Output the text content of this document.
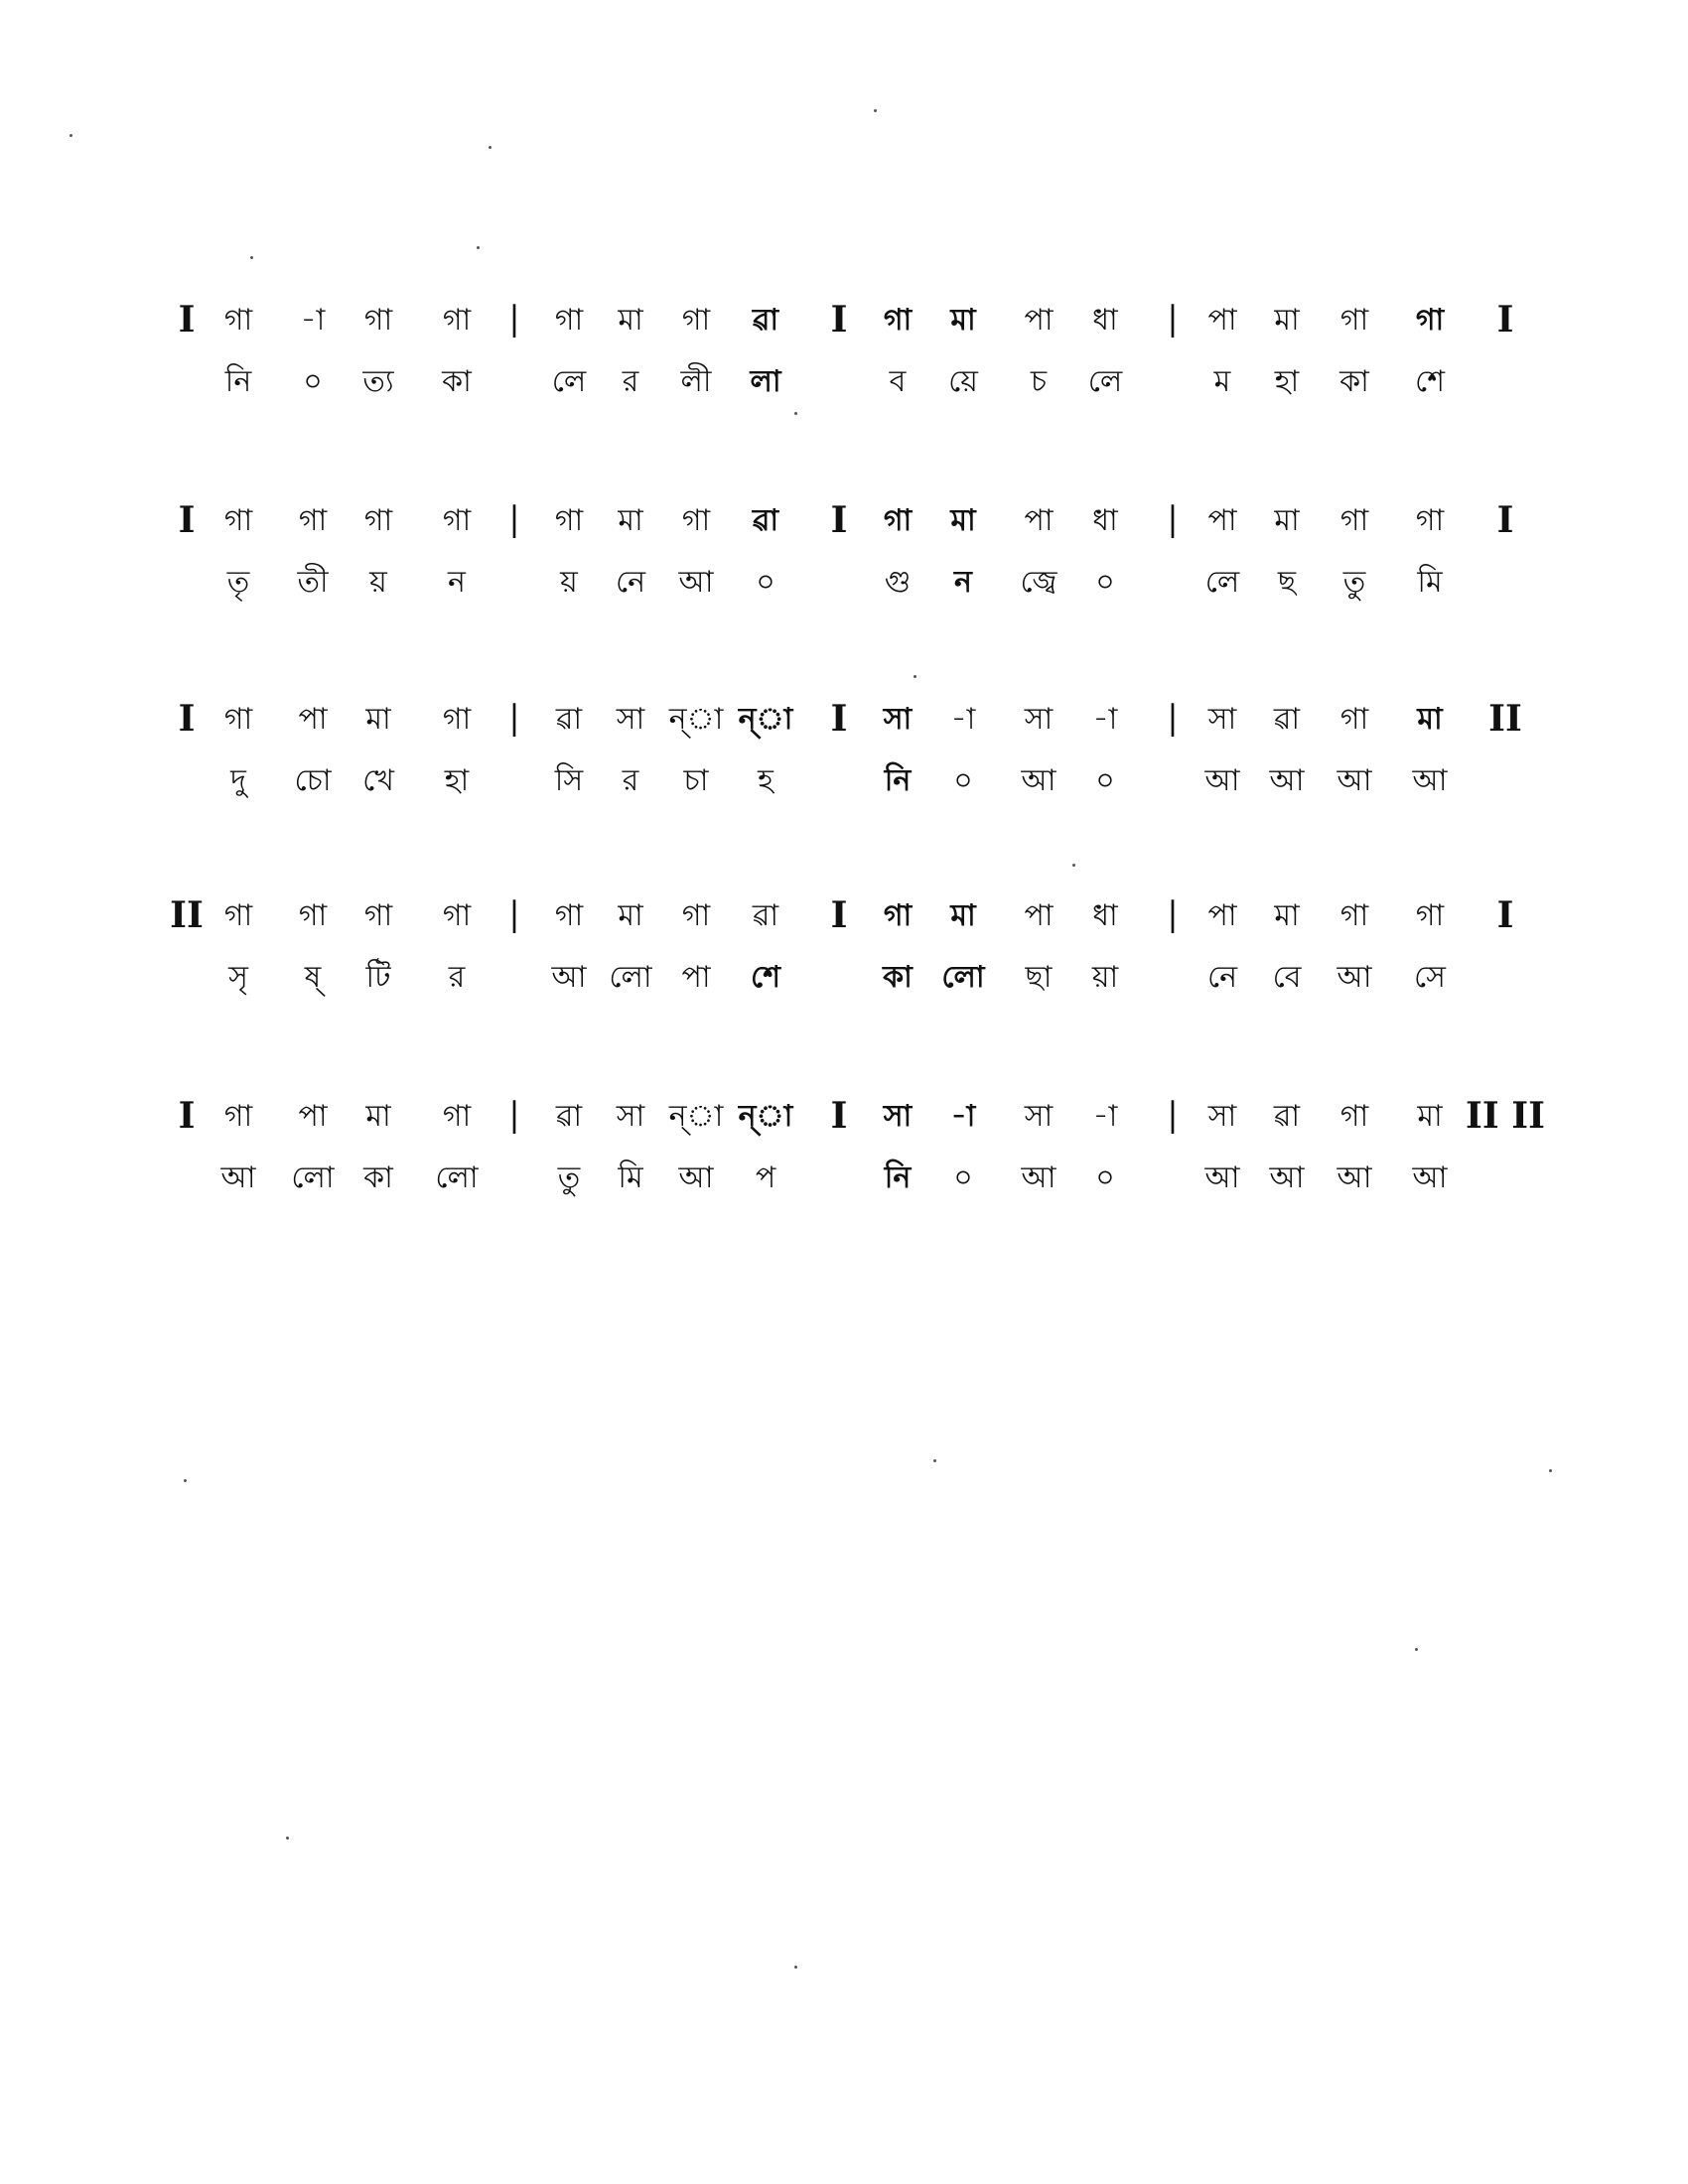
I গা -া গা গা | গা মা গা ৱা I গা মা পা ধা | পা মা গা গা I
নি ০ ত্য কা	লে র লী লা	ব য়ে চ লে	ম হা কা শে
I গা গা গা গা | গা মা গা ৱা I গা মা পা ধা | পা মা গা গা I
তৃ তী য় ন	য় নে আ ০	গু ন জ্বে ০	লে ছ তু মি
I গা পা মা গা | ৱা সা ন্‌া ন্‌া I সা -া সা -া | সা ৱা গা মা II
দু চো খে হা	সি র চা হ	নি ০ আ ০	আ আ আ আ
II গা গা গা গা | গা মা গা ৱা I গা মা পা ধা | পা মা গা গা I
সৃ ষ্ টি র	আ লো পা শে	কা লো ছা য়া	নে বে আ সে
I গা পা মা গা | ৱা সা ন্‌া ন্‌া I সা -া সা -া | সা ৱা গা মা II II
আ লো কা লো	তু মি আ প	নি ০ আ ০	আ আ আ আ
